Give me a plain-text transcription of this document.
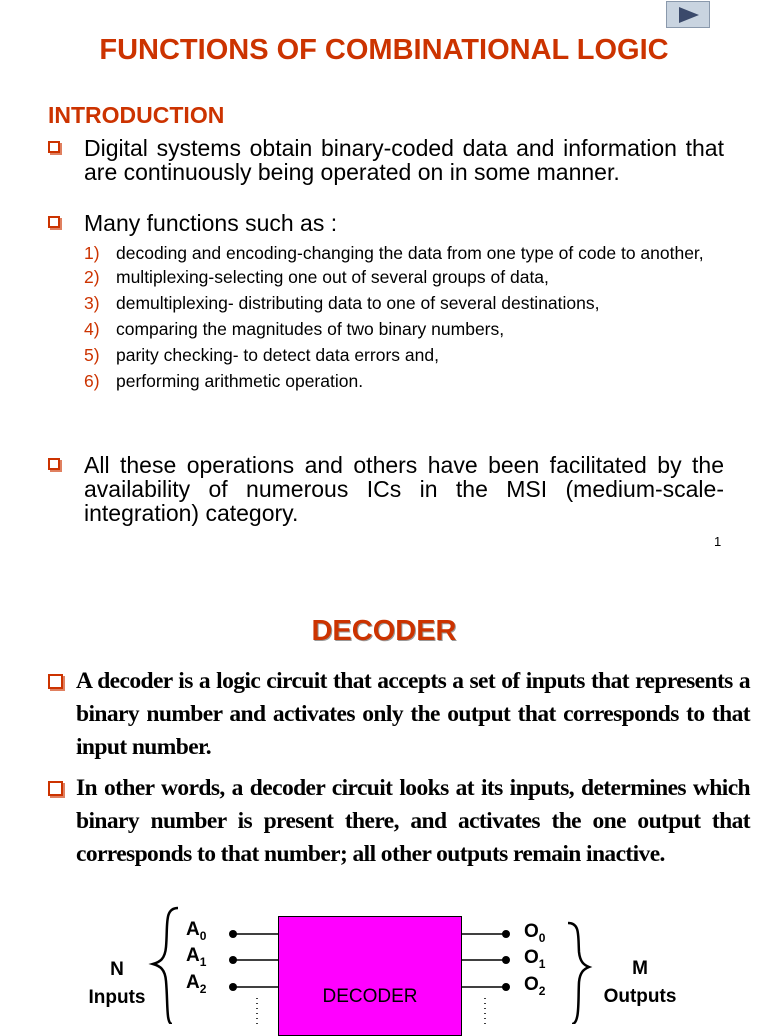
FUNCTIONS OF COMBINATIONAL LOGIC
INTRODUCTION
Digital systems obtain binary-coded data and information that are continuously being operated on in some manner.
Many functions such as :
1) decoding and encoding-changing the data from one type of code to another,
2) multiplexing-selecting one out of several groups of data,
3) demultiplexing- distributing data to one of several destinations,
4) comparing the magnitudes of two binary numbers,
5) parity checking- to detect data errors and,
6) performing arithmetic operation.
All these operations and others have been facilitated by the availability of numerous ICs in the MSI (medium-scale-integration) category.
1
DECODER
A decoder is a logic circuit that accepts a set of inputs that represents a binary number and activates only the output that corresponds to that input number.
In other words, a decoder circuit looks at its inputs, determines which binary number is present there, and activates the one output that corresponds to that number; all other outputs remain inactive.
DECODER
$A_0$
$A_1$
$A_2$
$O_0$
$O_1$
$O_2$
N
Inputs
M
Outputs
